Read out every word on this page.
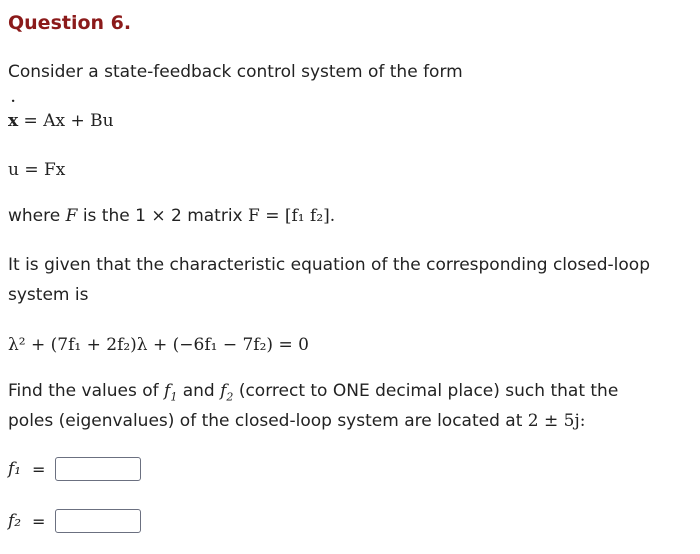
Question 6.
Consider a state-feedback control system of the form
˙ x = Ax + Bu
u = Fx
where F is the 1 × 2 matrix F = [f₁ f₂].
It is given that the characteristic equation of the corresponding closed-loop
system is
λ² + (7f₁ + 2f₂)λ + (−6f₁ − 7f₂) = 0
Find the values of $f_1$ and $f_2$ (correct to ONE decimal place) such that the
poles (eigenvalues) of the closed-loop system are located at 2 ± 5j:
f₁ =
f₂ =
